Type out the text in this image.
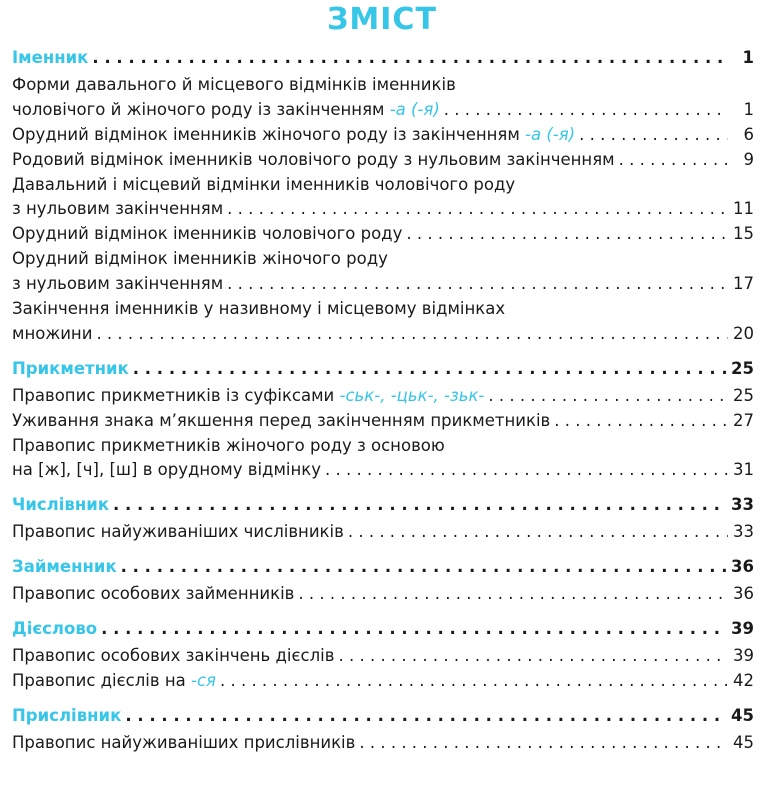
ЗМІСТ
Іменник . . .	1
Форми давального й місцевого відмінків іменників
чоловічого й жіночого роду із закінченням -а (-я) . . .	1
Орудний відмінок іменників жіночого роду із закінченням -а (-я) . . .	6
Родовий відмінок іменників чоловічого роду з нульовим закінченням . . .	9
Давальний і місцевий відмінки іменників чоловічого роду
з нульовим закінченням . . .	11
Орудний відмінок іменників чоловічого роду . . .	15
Орудний відмінок іменників жіночого роду
з нульовим закінченням . . .	17
Закінчення іменників у називному і місцевому відмінках
множини . . .	20
Прикметник . . .	25
Правопис прикметників із суфіксами -ськ-, -цьк-, -зьк- . . .	25
Уживання знака м’якшення перед закінченням прикметників . . .	27
Правопис прикметників жіночого роду з основою
на [ж], [ч], [ш] в орудному відмінку . . .	31
Числівник . . .	33
Правопис найуживаніших числівників . . .	33
Займенник . . .	36
Правопис особових займенників . . .	36
Дієслово . . .	39
Правопис особових закінчень дієслів . . .	39
Правопис дієслів на -ся . . .	42
Прислівник . . .	45
Правопис найуживаніших прислівників . . .	45
